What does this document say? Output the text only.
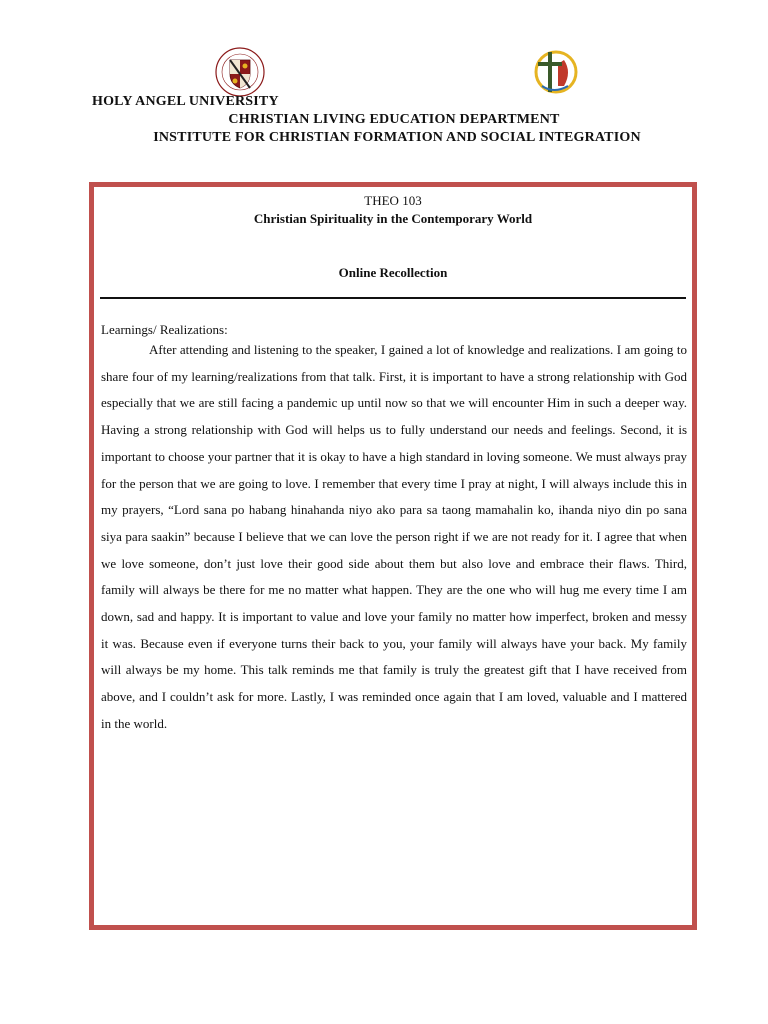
HOLY ANGEL UNIVERSITY
CHRISTIAN LIVING EDUCATION DEPARTMENT
INSTITUTE FOR CHRISTIAN FORMATION AND SOCIAL INTEGRATION
THEO 103
Christian Spirituality in the Contemporary World
Online Recollection
Learnings/ Realizations:

After attending and listening to the speaker, I gained a lot of knowledge and realizations. I am going to share four of my learning/realizations from that talk. First, it is important to have a strong relationship with God especially that we are still facing a pandemic up until now so that we will encounter Him in such a deeper way. Having a strong relationship with God will helps us to fully understand our needs and feelings. Second, it is important to choose your partner that it is okay to have a high standard in loving someone. We must always pray for the person that we are going to love. I remember that every time I pray at night, I will always include this in my prayers, “Lord sana po habang hinahanda niyo ako para sa taong mamahalin ko, ihanda niyo din po sana siya para saakin” because I believe that we can love the person right if we are not ready for it. I agree that when we love someone, don’t just love their good side about them but also love and embrace their flaws. Third, family will always be there for me no matter what happen. They are the one who will hug me every time I am down, sad and happy. It is important to value and love your family no matter how imperfect, broken and messy it was. Because even if everyone turns their back to you, your family will always have your back. My family will always be my home. This talk reminds me that family is truly the greatest gift that I have received from above, and I couldn’t ask for more. Lastly, I was reminded once again that I am loved, valuable and I mattered in the world.
